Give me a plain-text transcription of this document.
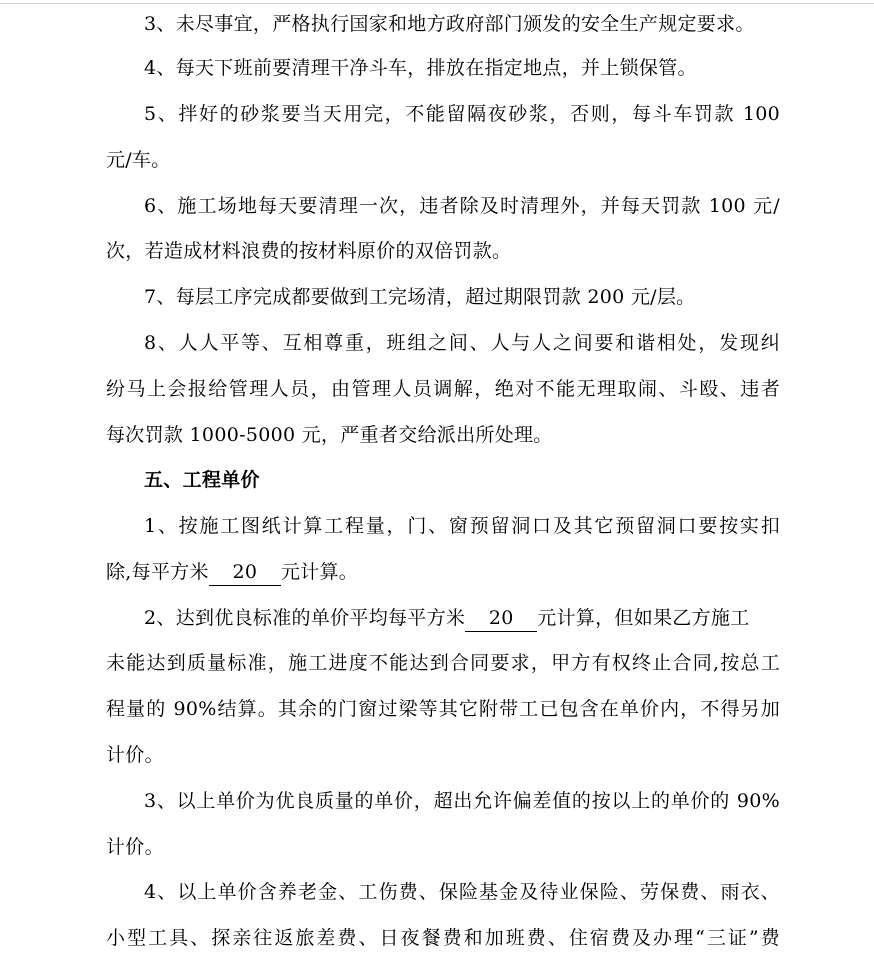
3、未尽事宜，严格执行国家和地方政府部门颁发的安全生产规定要求。
4、每天下班前要清理干净斗车，排放在指定地点，并上锁保管。
5、拌好的砂浆要当天用完，不能留隔夜砂浆，否则，每斗车罚款 100
元/车。
6、施工场地每天要清理一次，违者除及时清理外，并每天罚款 100 元/
次，若造成材料浪费的按材料原价的双倍罚款。
7、每层工序完成都要做到工完场清，超过期限罚款 200 元/层。
8、人人平等、互相尊重，班组之间、人与人之间要和谐相处，发现纠
纷马上会报给管理人员，由管理人员调解，绝对不能无理取闹、斗殴、违者
每次罚款 1000-5000 元，严重者交给派出所处理。
五、工程单价
1、按施工图纸计算工程量，门、窗预留洞口及其它预留洞口要按实扣
除,每平方米 20 元计算。
2、达到优良标准的单价平均每平方米 20 元计算，但如果乙方施工
未能达到质量标准，施工进度不能达到合同要求，甲方有权终止合同,按总工
程量的 90%结算。其余的门窗过梁等其它附带工已包含在单价内，不得另加
计价。
3、以上单价为优良质量的单价，超出允许偏差值的按以上的单价的 90%
计价。
4、以上单价含养老金、工伤费、保险基金及待业保险、劳保费、雨衣、
小型工具、探亲往返旅差费、日夜餐费和加班费、住宿费及办理“三证”费
